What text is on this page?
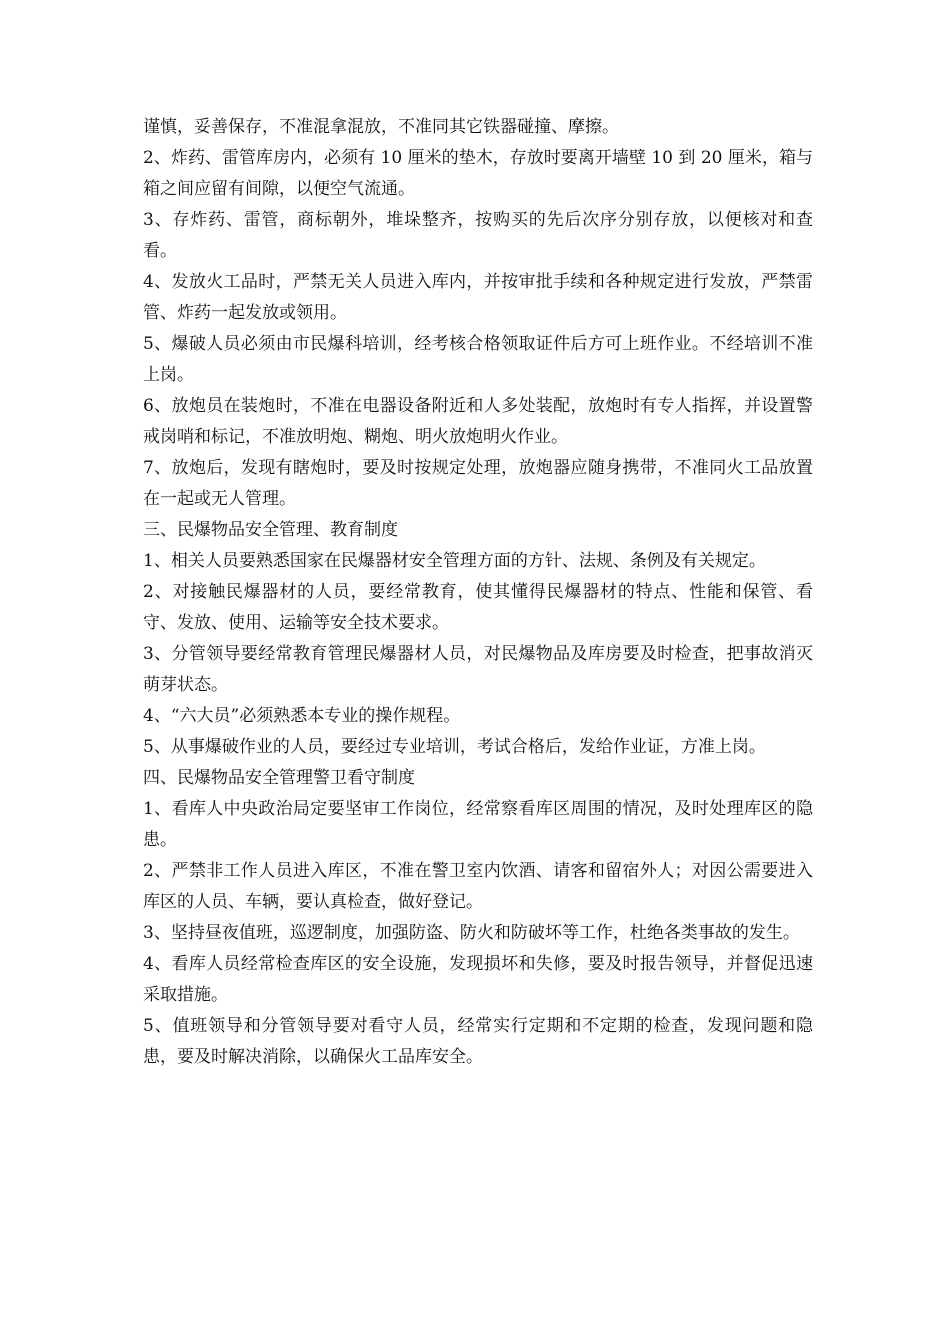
谨慎，妥善保存，不准混拿混放，不准同其它铁器碰撞、摩擦。

2、炸药、雷管库房内，必须有 10 厘米的垫木，存放时要离开墙壁 10 到 20 厘米，箱与箱之间应留有间隙，以便空气流通。

3、存炸药、雷管，商标朝外，堆垛整齐，按购买的先后次序分别存放，以便核对和查看。

4、发放火工品时，严禁无关人员进入库内，并按审批手续和各种规定进行发放，严禁雷管、炸药一起发放或领用。

5、爆破人员必须由市民爆科培训，经考核合格领取证件后方可上班作业。不经培训不准上岗。

6、放炮员在装炮时，不准在电器设备附近和人多处装配，放炮时有专人指挥，并设置警戒岗哨和标记，不准放明炮、糊炮、明火放炮明火作业。

7、放炮后，发现有瞎炮时，要及时按规定处理，放炮器应随身携带，不准同火工品放置在一起或无人管理。

三、民爆物品安全管理、教育制度

1、相关人员要熟悉国家在民爆器材安全管理方面的方针、法规、条例及有关规定。

2、对接触民爆器材的人员，要经常教育，使其懂得民爆器材的特点、性能和保管、看守、发放、使用、运输等安全技术要求。

3、分管领导要经常教育管理民爆器材人员，对民爆物品及库房要及时检查，把事故消灭萌芽状态。

4、“六大员”必须熟悉本专业的操作规程。

5、从事爆破作业的人员，要经过专业培训，考试合格后，发给作业证，方准上岗。

四、民爆物品安全管理警卫看守制度

1、看库人中央政治局定要坚审工作岗位，经常察看库区周围的情况，及时处理库区的隐患。

2、严禁非工作人员进入库区，不准在警卫室内饮酒、请客和留宿外人；对因公需要进入库区的人员、车辆，要认真检查，做好登记。

3、坚持昼夜值班，巡逻制度，加强防盗、防火和防破坏等工作，杜绝各类事故的发生。

4、看库人员经常检查库区的安全设施，发现损坏和失修，要及时报告领导，并督促迅速采取措施。

5、值班领导和分管领导要对看守人员，经常实行定期和不定期的检查，发现问题和隐患，要及时解决消除，以确保火工品库安全。
